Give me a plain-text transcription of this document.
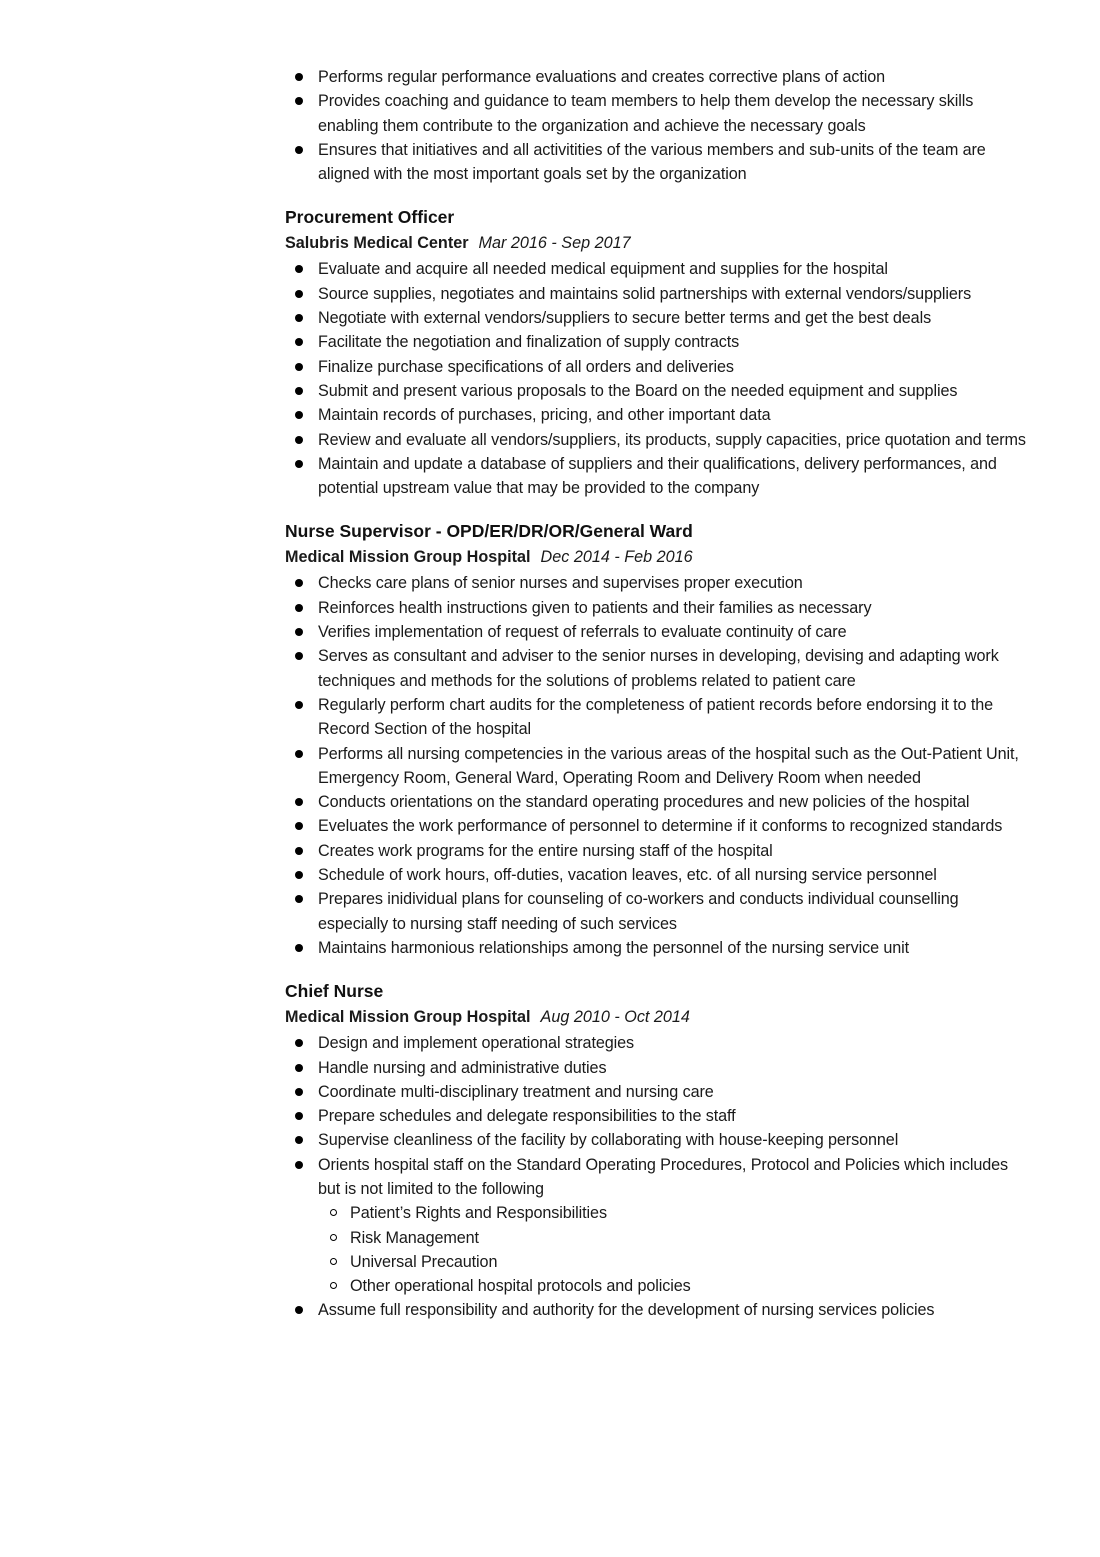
Performs regular performance evaluations and creates corrective plans of action
Provides coaching and guidance to team members to help them develop the necessary skills enabling them contribute to the organization and achieve the necessary goals
Ensures that initiatives and all activitities of the various members and sub-units of the team are aligned with the most important goals set by the organization
Procurement Officer
Salubris Medical Center Mar 2016 - Sep 2017
Evaluate and acquire all needed medical equipment and supplies for the hospital
Source supplies, negotiates and maintains solid partnerships with external vendors/suppliers
Negotiate with external vendors/suppliers to secure better terms and get the best deals
Facilitate the negotiation and finalization of supply contracts
Finalize purchase specifications of all orders and deliveries
Submit and present various proposals to the Board on the needed equipment and supplies
Maintain records of purchases, pricing, and other important data
Review and evaluate all vendors/suppliers, its products, supply capacities, price quotation and terms
Maintain and update a database of suppliers and their qualifications, delivery performances, and potential upstream value that may be provided to the company
Nurse Supervisor - OPD/ER/DR/OR/General Ward
Medical Mission Group Hospital Dec 2014 - Feb 2016
Checks care plans of senior nurses and supervises proper execution
Reinforces health instructions given to patients and their families as necessary
Verifies implementation of request of referrals to evaluate continuity of care
Serves as consultant and adviser to the senior nurses in developing, devising and adapting work techniques and methods for the solutions of problems related to patient care
Regularly perform chart audits for the completeness of patient records before endorsing it to the Record Section of the hospital
Performs all nursing competencies in the various areas of the hospital such as the Out-Patient Unit, Emergency Room, General Ward, Operating Room and Delivery Room when needed
Conducts orientations on the standard operating procedures and new policies of the hospital
Eveluates the work performance of personnel to determine if it conforms to recognized standards
Creates work programs for the entire nursing staff of the hospital
Schedule of work hours, off-duties, vacation leaves, etc. of all nursing service personnel
Prepares inidividual plans for counseling of co-workers and conducts individual counselling especially to nursing staff needing of such services
Maintains harmonious relationships among the personnel of the nursing service unit
Chief Nurse
Medical Mission Group Hospital Aug 2010 - Oct 2014
Design and implement operational strategies
Handle nursing and administrative duties
Coordinate multi-disciplinary treatment and nursing care
Prepare schedules and delegate responsibilities to the staff
Supervise cleanliness of the facility by collaborating with house-keeping personnel
Orients hospital staff on the Standard Operating Procedures, Protocol and Policies which includes but is not limited to the following
Patient’s Rights and Responsibilities
Risk Management
Universal Precaution
Other operational hospital protocols and policies
Assume full responsibility and authority for the development of nursing services policies
